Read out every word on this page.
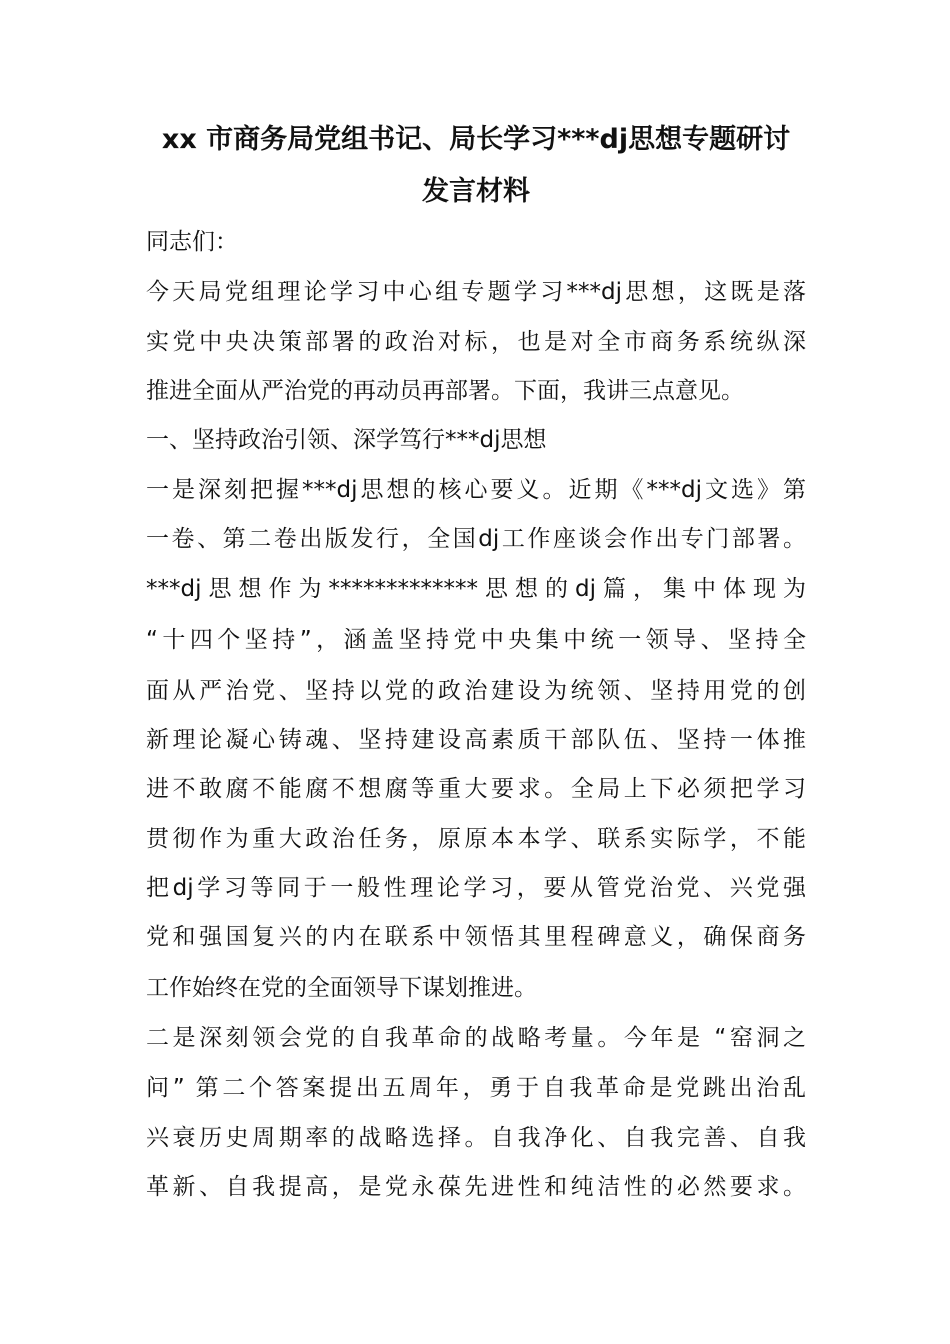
xx 市商务局党组书记、局长学习***dj思想专题研讨
发言材料
同志们：
今天局党组理论学习中心组专题学习***dj思想，这既是落
实党中央决策部署的政治对标，也是对全市商务系统纵深
推进全面从严治党的再动员再部署。下面，我讲三点意见。
一、坚持政治引领、深学笃行***dj思想
一是深刻把握***dj思想的核心要义。近期《***dj文选》第
一卷、第二卷出版发行，全国dj工作座谈会作出专门部署。
***dj思想作为*************思想的dj篇，集中体现为
“十四个坚持”，涵盖坚持党中央集中统一领导、坚持全
面从严治党、坚持以党的政治建设为统领、坚持用党的创
新理论凝心铸魂、坚持建设高素质干部队伍、坚持一体推
进不敢腐不能腐不想腐等重大要求。全局上下必须把学习
贯彻作为重大政治任务，原原本本学、联系实际学，不能
把dj学习等同于一般性理论学习，要从管党治党、兴党强
党和强国复兴的内在联系中领悟其里程碑意义，确保商务
工作始终在党的全面领导下谋划推进。
二是深刻领会党的自我革命的战略考量。今年是 “窑洞之
问” 第二个答案提出五周年，勇于自我革命是党跳出治乱
兴衰历史周期率的战略选择。自我净化、自我完善、自我
革新、自我提高，是党永葆先进性和纯洁性的必然要求。
